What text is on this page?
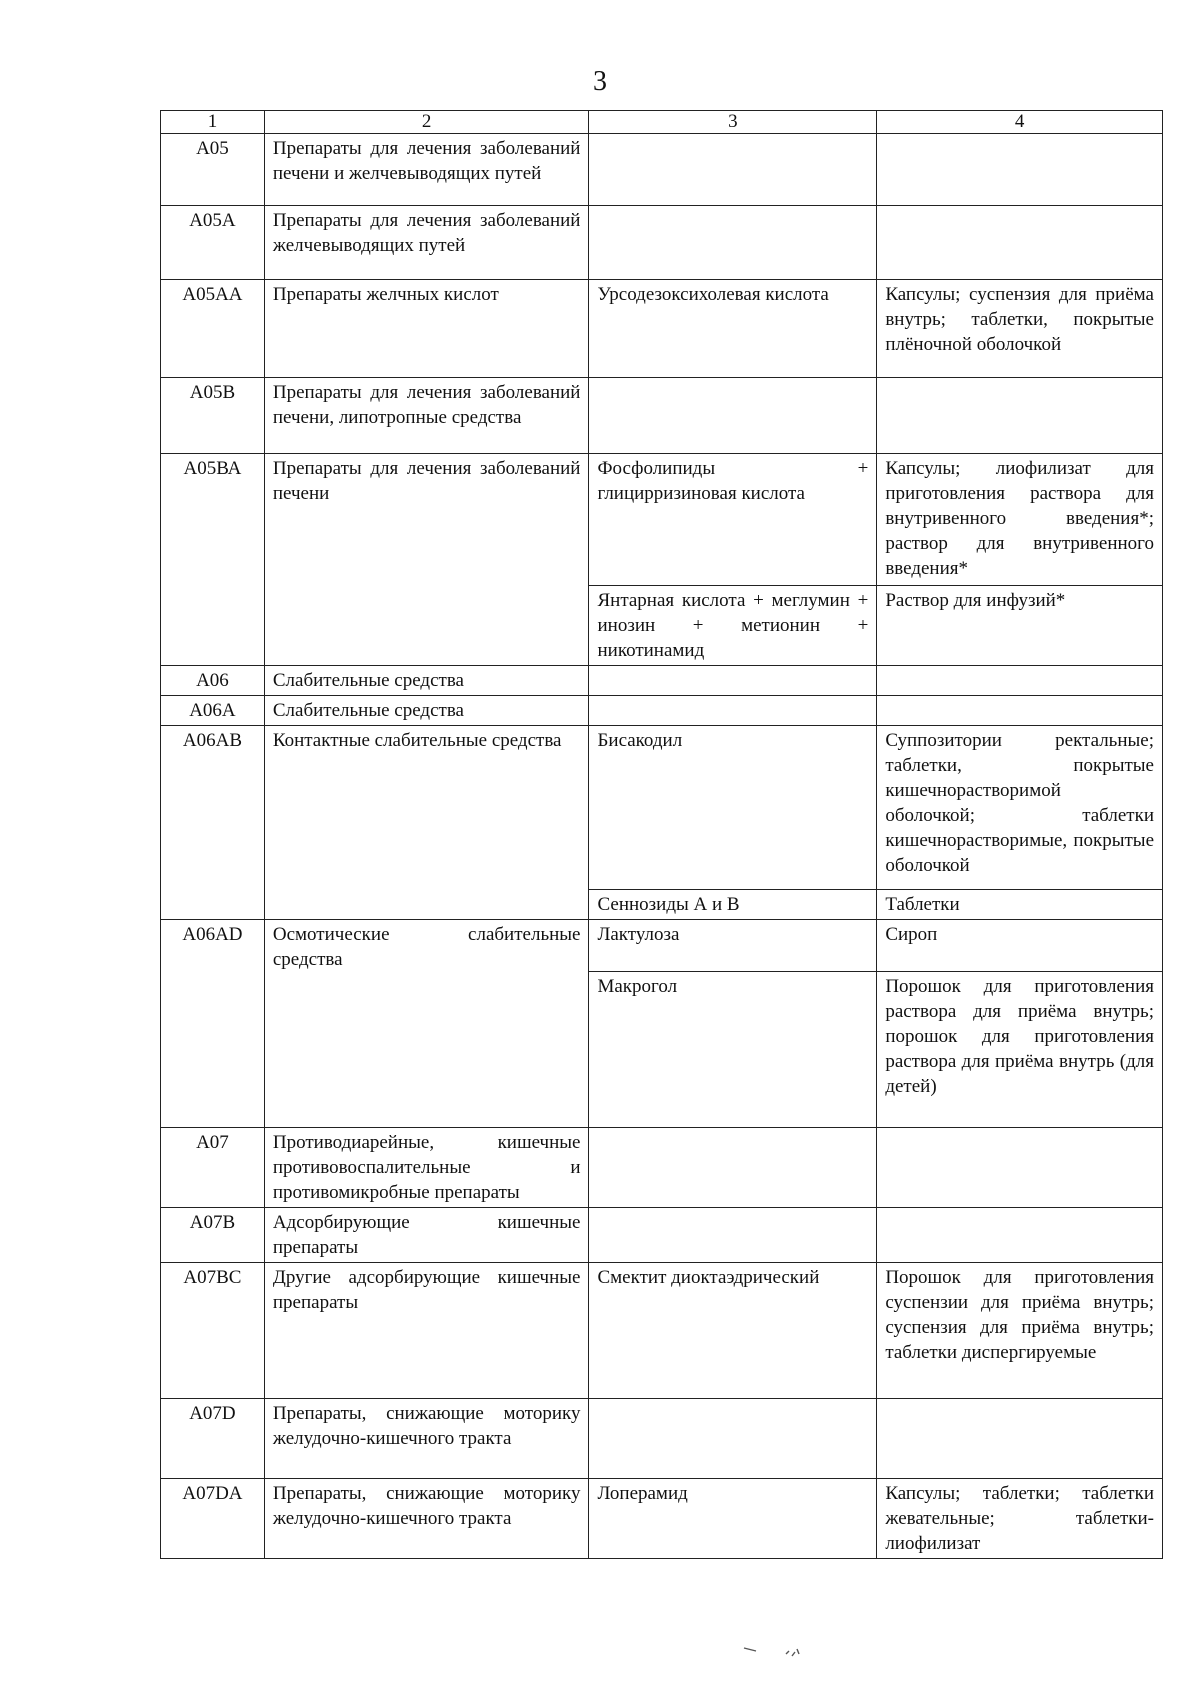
3
1	2	3	4
А05	Препараты для лечения заболеваний печени и желчевыводящих путей		
А05А	Препараты для лечения заболеваний желчевыводящих путей		
А05АА	Препараты желчных кислот	Урсодезоксихолевая кислота	Капсулы; суспензия для приёма внутрь; таблетки, покрытые плёночной оболочкой
А05В	Препараты для лечения заболеваний печени, липотропные средства		
А05ВА	Препараты для лечения заболеваний печени	Фосфолипиды + глицирризиновая кислота	Капсулы; лиофилизат для приготовления раствора для внутривенного введения*; раствор для внутривенного введения*
		Янтарная кислота + меглумин + инозин + метионин + никотинамид	Раствор для инфузий*
А06	Слабительные средства		
А06А	Слабительные средства		
А06АВ	Контактные слабительные средства	Бисакодил	Суппозитории ректальные; таблетки, покрытые кишечнорастворимой оболочкой; таблетки кишечнорастворимые, покрытые оболочкой
		Сеннозиды А и В	Таблетки
А06АD	Осмотические слабительные средства	Лактулоза	Сироп
		Макрогол	Порошок для приготовления раствора для приёма внутрь; порошок для приготовления раствора для приёма внутрь (для детей)
А07	Противодиарейные, кишечные противовоспалительные и противомикробные препараты		
А07В	Адсорбирующие кишечные препараты		
А07ВС	Другие адсорбирующие кишечные препараты	Смектит диоктаэдрический	Порошок для приготовления суспензии для приёма внутрь; суспензия для приёма внутрь; таблетки диспергируемые
А07D	Препараты, снижающие моторику желудочно-кишечного тракта		
А07DА	Препараты, снижающие моторику желудочно-кишечного тракта	Лоперамид	Капсулы; таблетки; таблетки жевательные; таблетки-лиофилизат
